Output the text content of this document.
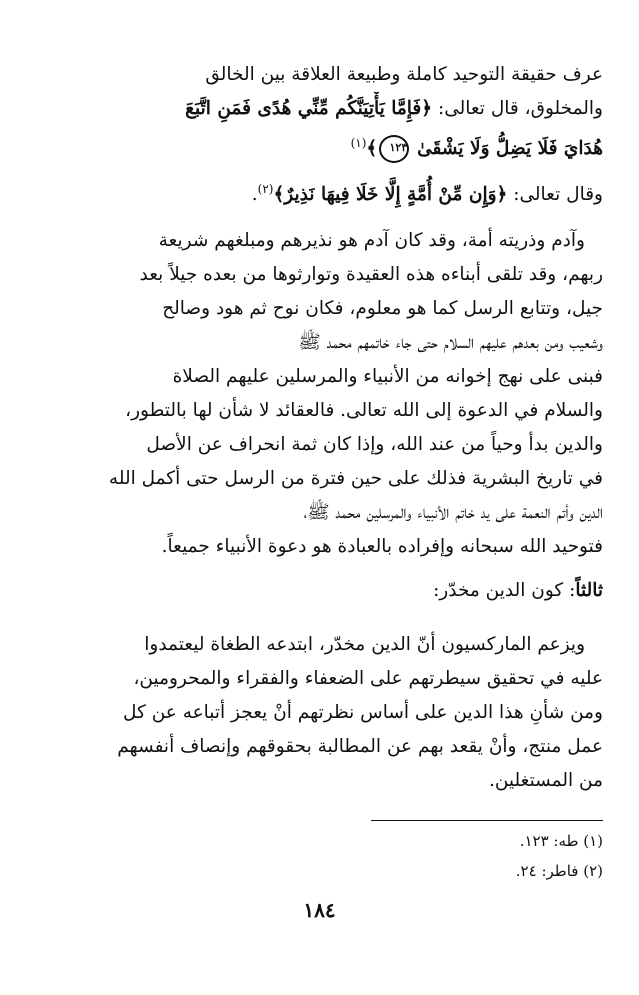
عرف حقيقة التوحيد كاملة وطبيعة العلاقة بين الخالق
والمخلوق، قال تعالى: ﴿فَإِمَّا يَأْتِيَنَّكُم مِّنِّي هُدًى فَمَنِ اتَّبَعَ
هُدَايَ فَلَا يَضِلُّ وَلَا يَشْقَىٰ ١٢٣﴾$^{(١)}$
وقال تعالى: ﴿وَإِن مِّنْ أُمَّةٍ إِلَّا خَلَا فِيهَا نَذِيرٌ﴾$^{(٢)}$.
وآدم وذريته أمة، وقد كان آدم هو نذيرهم ومبلغهم شريعة
ربهم، وقد تلقى أبناءه هذه العقيدة وتوارثوها من بعده جيلاً بعد
جيل، وتتابع الرسل كما هو معلوم، فكان نوح ثم هود وصالح
وشعيب ومن بعدهم عليهم السلام حتى جاء خاتمهم محمد ﷺ
فبنى على نهج إخوانه من الأنبياء والمرسلين عليهم الصلاة
والسلام في الدعوة إلى الله تعالى. فالعقائد لا شأن لها بالتطور،
والدين بدأ وحياً من عند الله، وإذا كان ثمة انحراف عن الأصل
في تاريخ البشرية فذلك على حين فترة من الرسل حتى أكمل الله
الدين وأتم النعمة على يد خاتم الأنبياء والمرسلين محمد ﷺ،
فتوحيد الله سبحانه وإفراده بالعبادة هو دعوة الأنبياء جميعاً.
ثالثاً: كون الدين مخدّر:
ويزعم الماركسيون أنّ الدين مخدّر، ابتدعه الطغاة ليعتمدوا
عليه في تحقيق سيطرتهم على الضعفاء والفقراء والمحرومين،
ومن شأنِ هذا الدين على أساس نظرتهم أنْ يعجز أتباعه عن كل
عمل منتج، وأنْ يقعد بهم عن المطالبة بحقوقهم وإنصاف أنفسهم
من المستغلين.
(١) طه: ١٢٣.
(٢) فاطر: ٢٤.
١٨٤
